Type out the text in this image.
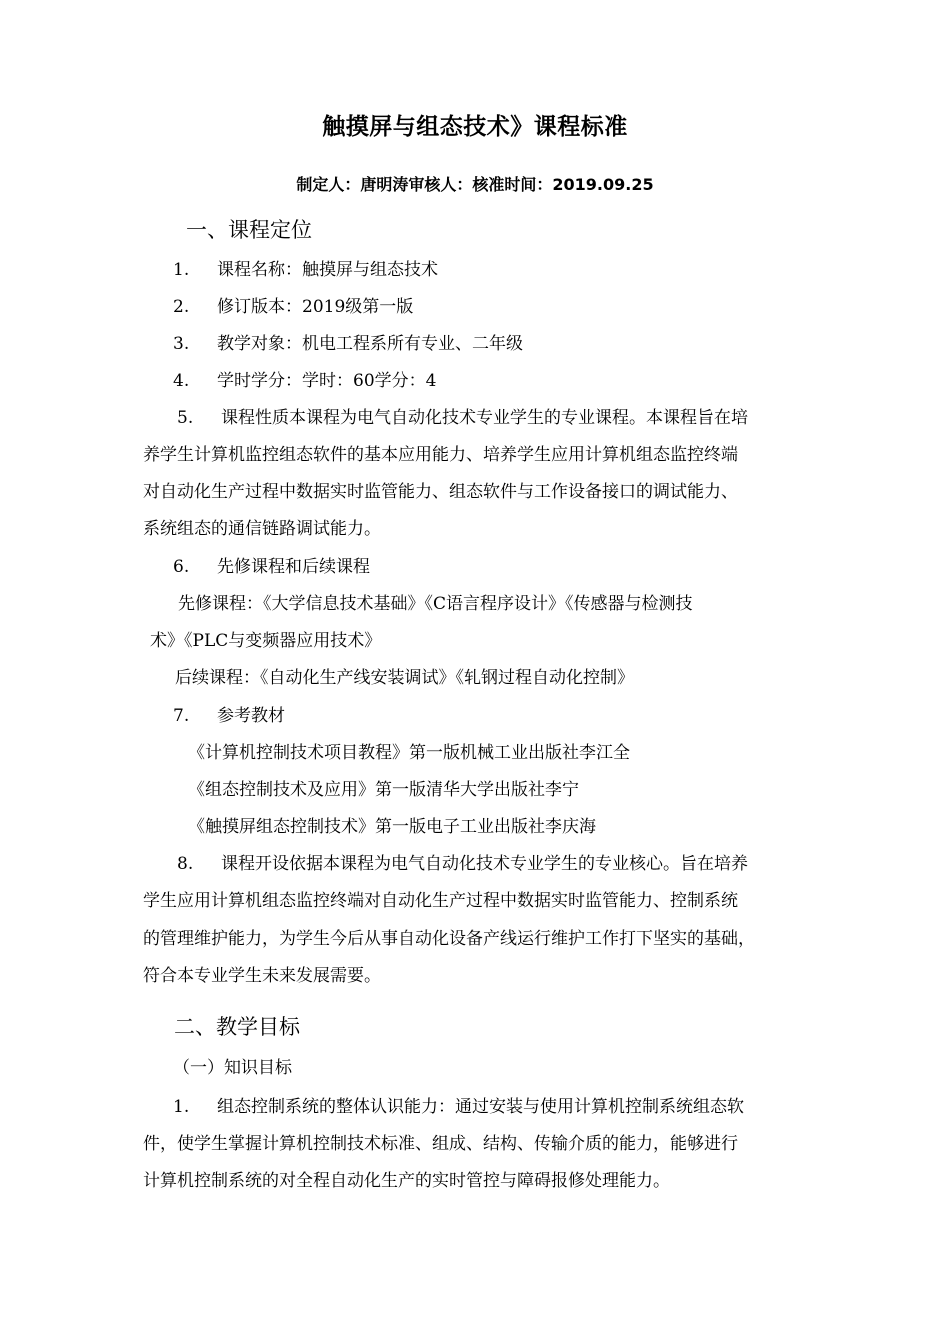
触摸屏与组态技术》课程标准
制定人：唐明涛审核人：核准时间：2019.09.25
一、课程定位
1. 课程名称：触摸屏与组态技术
2. 修订版本：2019级第一版
3. 教学对象：机电工程系所有专业、二年级
4. 学时学分：学时：60学分：4
5. 课程性质本课程为电气自动化技术专业学生的专业课程。本课程旨在培
养学生计算机监控组态软件的基本应用能力、培养学生应用计算机组态监控终端
对自动化生产过程中数据实时监管能力、组态软件与工作设备接口的调试能力、
系统组态的通信链路调试能力。
6. 先修课程和后续课程
先修课程：《大学信息技术基础》《C语言程序设计》《传感器与检测技
术》《PLC与变频器应用技术》
后续课程：《自动化生产线安装调试》《轧钢过程自动化控制》
7. 参考教材
《计算机控制技术项目教程》第一版机械工业出版社李江全
《组态控制技术及应用》第一版清华大学出版社李宁
《触摸屏组态控制技术》第一版电子工业出版社李庆海
8. 课程开设依据本课程为电气自动化技术专业学生的专业核心。旨在培养
学生应用计算机组态监控终端对自动化生产过程中数据实时监管能力、控制系统
的管理维护能力，为学生今后从事自动化设备产线运行维护工作打下坚实的基础，
符合本专业学生未来发展需要。
二、教学目标
（一）知识目标
1. 组态控制系统的整体认识能力：通过安装与使用计算机控制系统组态软
件，使学生掌握计算机控制技术标准、组成、结构、传输介质的能力，能够进行
计算机控制系统的对全程自动化生产的实时管控与障碍报修处理能力。
